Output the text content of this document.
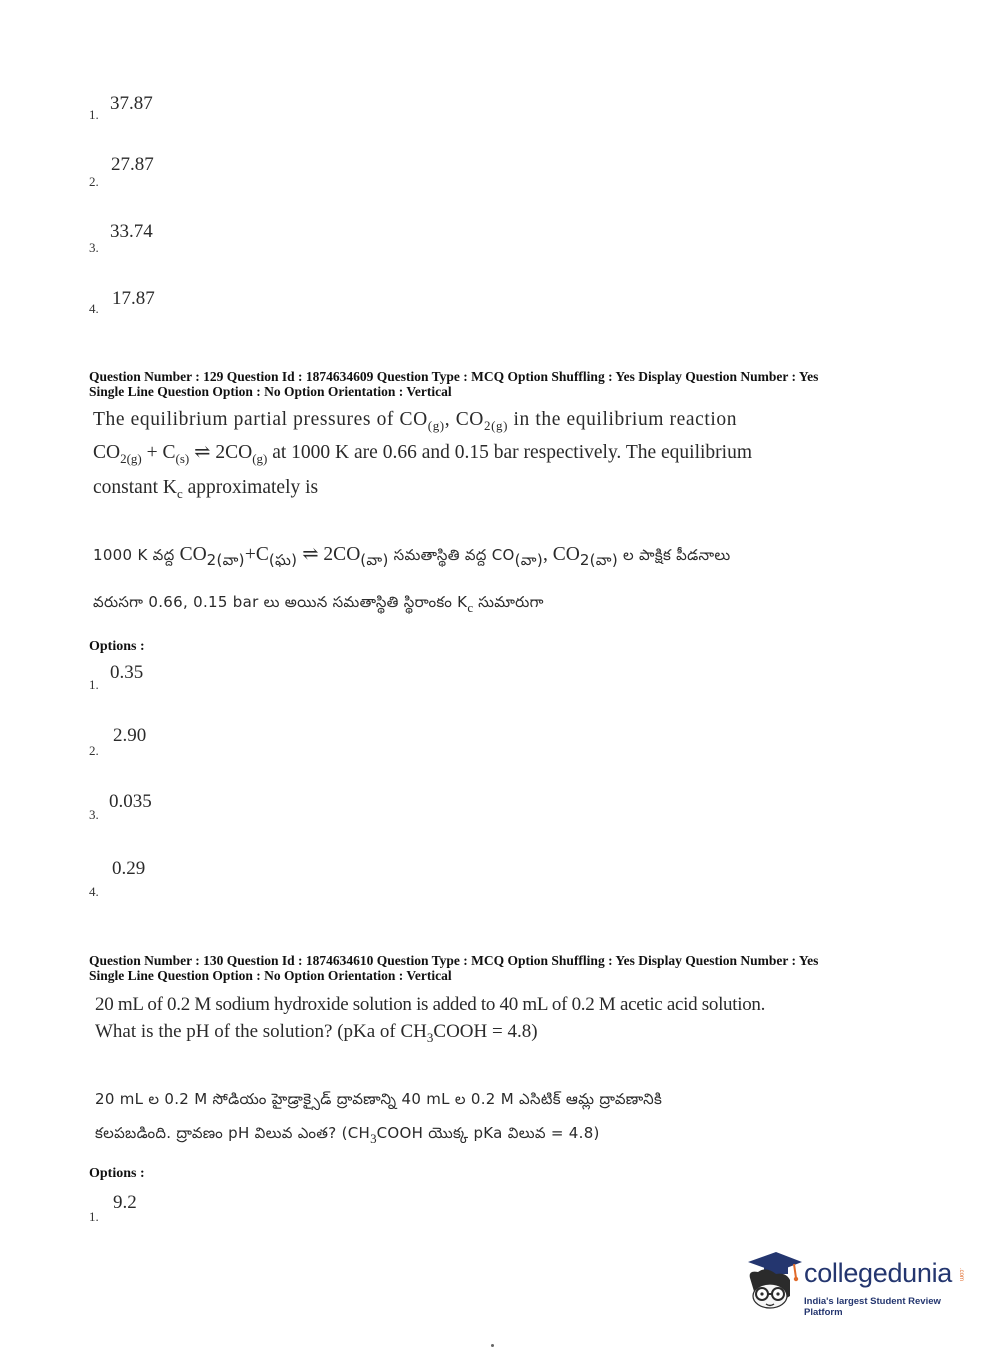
1.
37.87
2.
27.87
3.
33.74
4. 17.87
Question Number : 129 Question Id : 1874634609 Question Type : MCQ Option Shuffling : Yes Display Question Number : Yes
Single Line Question Option : No Option Orientation : Vertical
The equilibrium partial pressures of $CO_{(g)}$, $CO_{2(g)}$ in the equilibrium reaction
$CO_{2(g)} + C_{(s)}$ ⇌ $2CO_{(g)}$ at 1000 K are 0.66 and 0.15 bar respectively. The equilibrium
constant $K_c$ approximately is
1000 K వద్ద $CO_{2(వా)}+C_{(ఘ)}$ ⇌ $2CO_{(వా)}$ సమతాస్థితి వద్ద $CO_{(వా)}$, $CO_{2(వా)}$ ల పాక్షిక పీడనాలు
వరుసగా 0.66, 0.15 bar లు అయిన సమతాస్థితి స్థిరాంకం $K_c$ సుమారుగా
Options :
1.
0.35
2.
2.90
3.
0.035
4.
0.29
Question Number : 130 Question Id : 1874634610 Question Type : MCQ Option Shuffling : Yes Display Question Number : Yes
Single Line Question Option : No Option Orientation : Vertical
20 mL of 0.2 M sodium hydroxide solution is added to 40 mL of 0.2 M acetic acid solution.
What is the pH of the solution? (pKa of $CH_3COOH = 4.8$)
20 mL ల 0.2 M సోడియం హైడ్రాక్సైడ్ ద్రావణాన్ని 40 mL ల 0.2 M ఎసిటిక్ ఆమ్ల ద్రావణానికి
కలపబడింది. ద్రావణం pH విలువ ఎంత? ($CH_3COOH$ యొక్క pKa విలువ = 4.8)
Options :
1.
9.2
collegedunia .com
India's largest Student Review Platform
